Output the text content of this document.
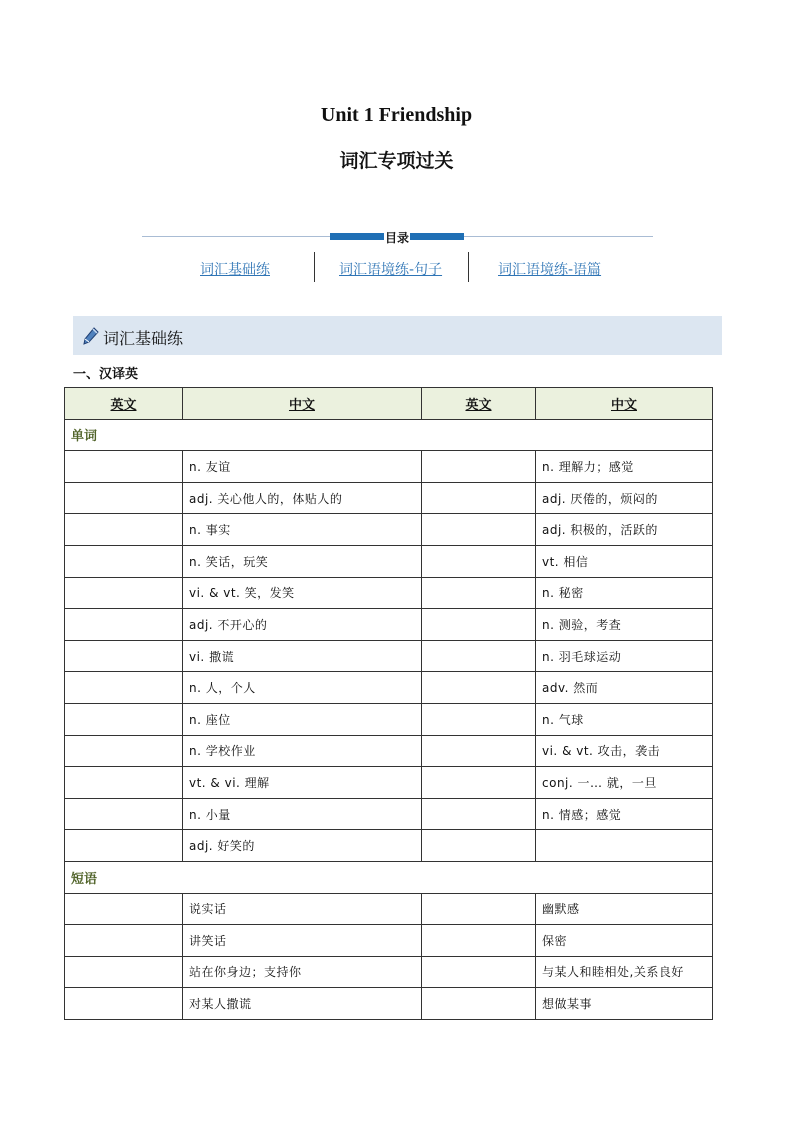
Unit 1 Friendship
词汇专项过关
目录
词汇基础练	词汇语境练-句子	词汇语境练-语篇
词汇基础练
一、汉译英
英文	中文	英文	中文
单词			
	n. 友谊		n. 理解力；感觉
	adj. 关心他人的，体贴人的		adj. 厌倦的，烦闷的
	n. 事实		adj. 积极的，活跃的
	n. 笑话，玩笑		vt. 相信
	vi. & vt. 笑，发笑		n. 秘密
	adj. 不开心的		n. 测验，考查
	vi. 撒谎		n. 羽毛球运动
	n. 人，个人		adv. 然而
	n. 座位		n. 气球
	n. 学校作业		vi. & vt. 攻击，袭击
	vt. & vi. 理解		conj. 一… 就，一旦
	n. 小量		n. 情感；感觉
	adj. 好笑的		
短语			
	说实话		幽默感
	讲笑话		保密
	站在你身边；支持你		与某人和睦相处,关系良好
	对某人撒谎		想做某事
